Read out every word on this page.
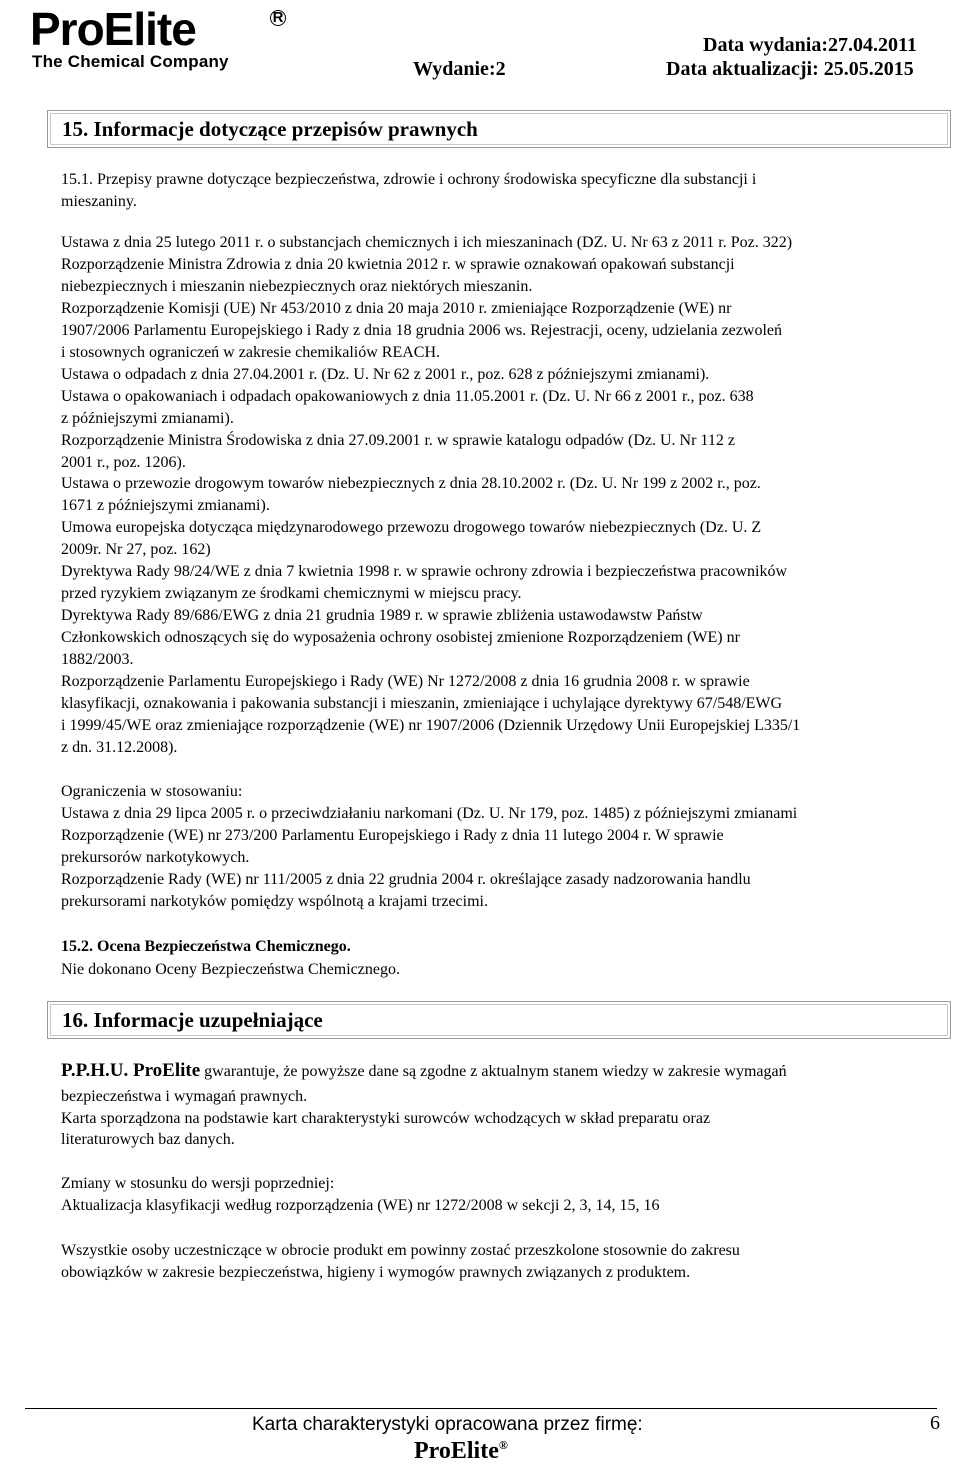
ProElite	R
The Chemical Company	Wydanie:2
Data wydania:27.04.2011
Data aktualizacji: 25.05.2015
15. Informacje dotyczące przepisów prawnych
15.1. Przepisy prawne dotyczące bezpieczeństwa, zdrowie i ochrony środowiska specyficzne dla substancji i
mieszaniny.
Ustawa z dnia 25 lutego 2011 r. o substancjach chemicznych i ich mieszaninach (DZ. U. Nr 63 z 2011 r. Poz. 322)
Rozporządzenie Ministra Zdrowia z dnia 20 kwietnia 2012 r. w sprawie oznakowań opakowań substancji
niebezpiecznych i mieszanin niebezpiecznych oraz niektórych mieszanin.
Rozporządzenie Komisji (UE) Nr 453/2010 z dnia 20 maja 2010 r. zmieniające Rozporządzenie (WE) nr
1907/2006 Parlamentu Europejskiego i Rady z dnia 18 grudnia 2006 ws. Rejestracji, oceny, udzielania zezwoleń
i stosownych ograniczeń w zakresie chemikaliów REACH.
Ustawa o odpadach z dnia 27.04.2001 r. (Dz. U. Nr 62 z 2001 r., poz. 628 z późniejszymi zmianami).
Ustawa o opakowaniach i odpadach opakowaniowych z dnia 11.05.2001 r. (Dz. U. Nr 66 z 2001 r., poz. 638
z późniejszymi zmianami).
Rozporządzenie Ministra Środowiska z dnia 27.09.2001 r. w sprawie katalogu odpadów (Dz. U. Nr 112 z
2001 r., poz. 1206).
Ustawa o przewozie drogowym towarów niebezpiecznych z dnia 28.10.2002 r. (Dz. U. Nr 199 z 2002 r., poz.
1671 z późniejszymi zmianami).
Umowa europejska dotycząca międzynarodowego przewozu drogowego towarów niebezpiecznych (Dz. U. Z
2009r. Nr 27, poz. 162)
Dyrektywa Rady 98/24/WE z dnia 7 kwietnia 1998 r. w sprawie ochrony zdrowia i bezpieczeństwa pracowników
przed ryzykiem związanym ze środkami chemicznymi w miejscu pracy.
Dyrektywa Rady 89/686/EWG z dnia 21 grudnia 1989 r. w sprawie zbliżenia ustawodawstw Państw
Członkowskich odnoszących się do wyposażenia ochrony osobistej zmienione Rozporządzeniem (WE) nr
1882/2003.
Rozporządzenie Parlamentu Europejskiego i Rady (WE) Nr 1272/2008 z dnia 16 grudnia 2008 r. w sprawie
klasyfikacji, oznakowania i pakowania substancji i mieszanin, zmieniające i uchylające dyrektywy 67/548/EWG
i 1999/45/WE oraz zmieniające rozporządzenie (WE) nr 1907/2006 (Dziennik Urzędowy Unii Europejskiej L335/1
z dn. 31.12.2008).
Ograniczenia w stosowaniu:
Ustawa z dnia 29 lipca 2005 r. o przeciwdziałaniu narkomani (Dz. U. Nr 179, poz. 1485) z późniejszymi zmianami
Rozporządzenie (WE) nr 273/200 Parlamentu Europejskiego i Rady z dnia 11 lutego 2004 r. W sprawie
prekursorów narkotykowych.
Rozporządzenie Rady (WE) nr 111/2005 z dnia 22 grudnia 2004 r. określające zasady nadzorowania handlu
prekursorami narkotyków pomiędzy wspólnotą a krajami trzecimi.
15.2. Ocena Bezpieczeństwa Chemicznego.
Nie dokonano Oceny Bezpieczeństwa Chemicznego.
16. Informacje uzupełniające
P.P.H.U. ProElite gwarantuje, że powyższe dane są zgodne z aktualnym stanem wiedzy w zakresie wymagań
bezpieczeństwa i wymagań prawnych.
Karta sporządzona na podstawie kart charakterystyki surowców wchodzących w skład preparatu oraz
literaturowych baz danych.
Zmiany w stosunku do wersji poprzedniej:
Aktualizacja klasyfikacji według rozporządzenia (WE) nr 1272/2008 w sekcji 2, 3, 14, 15, 16
Wszystkie osoby uczestniczące w obrocie produkt em powinny zostać przeszkolone stosownie do zakresu
obowiązków w zakresie bezpieczeństwa, higieny i wymogów prawnych związanych z produktem.
Karta charakterystyki opracowana przez firmę:
ProElite®
6
